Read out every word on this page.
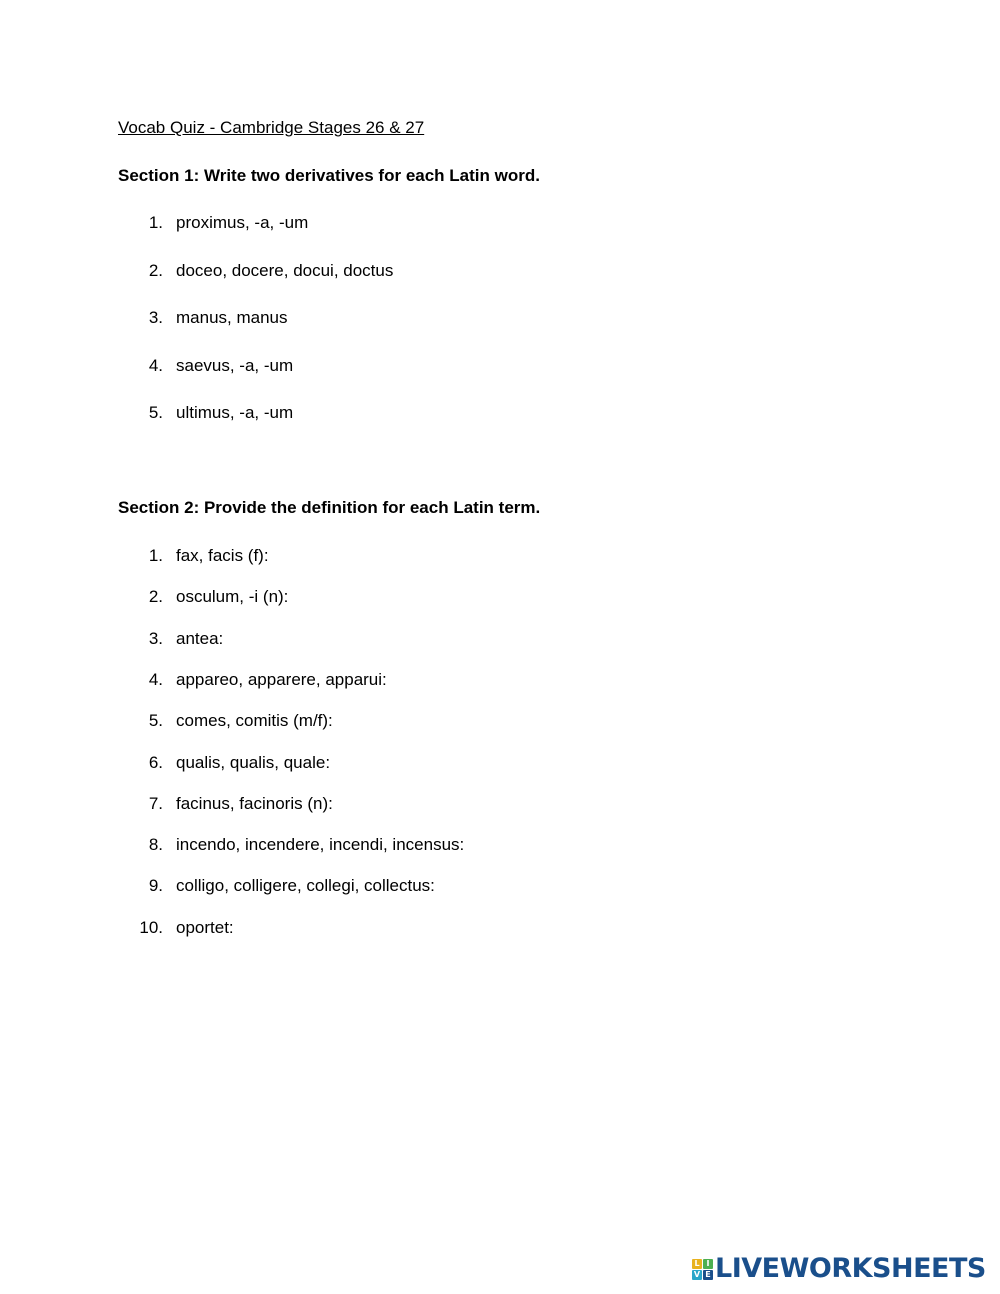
Vocab Quiz - Cambridge Stages 26 & 27
Section 1: Write two derivatives for each Latin word.
1. proximus, -a, -um
2. doceo, docere, docui, doctus
3. manus, manus
4. saevus, -a, -um
5. ultimus, -a, -um
Section 2: Provide the definition for each Latin term.
1. fax, facis (f):
2. osculum, -i (n):
3. antea:
4. appareo, apparere, apparui:
5. comes, comitis (m/f):
6. qualis, qualis, quale:
7. facinus, facinoris (n):
8. incendo, incendere, incendi, incensus:
9. colligo, colligere, collegi, collectus:
10. oportet:
L I
V E LIVEWORKSHEETS
